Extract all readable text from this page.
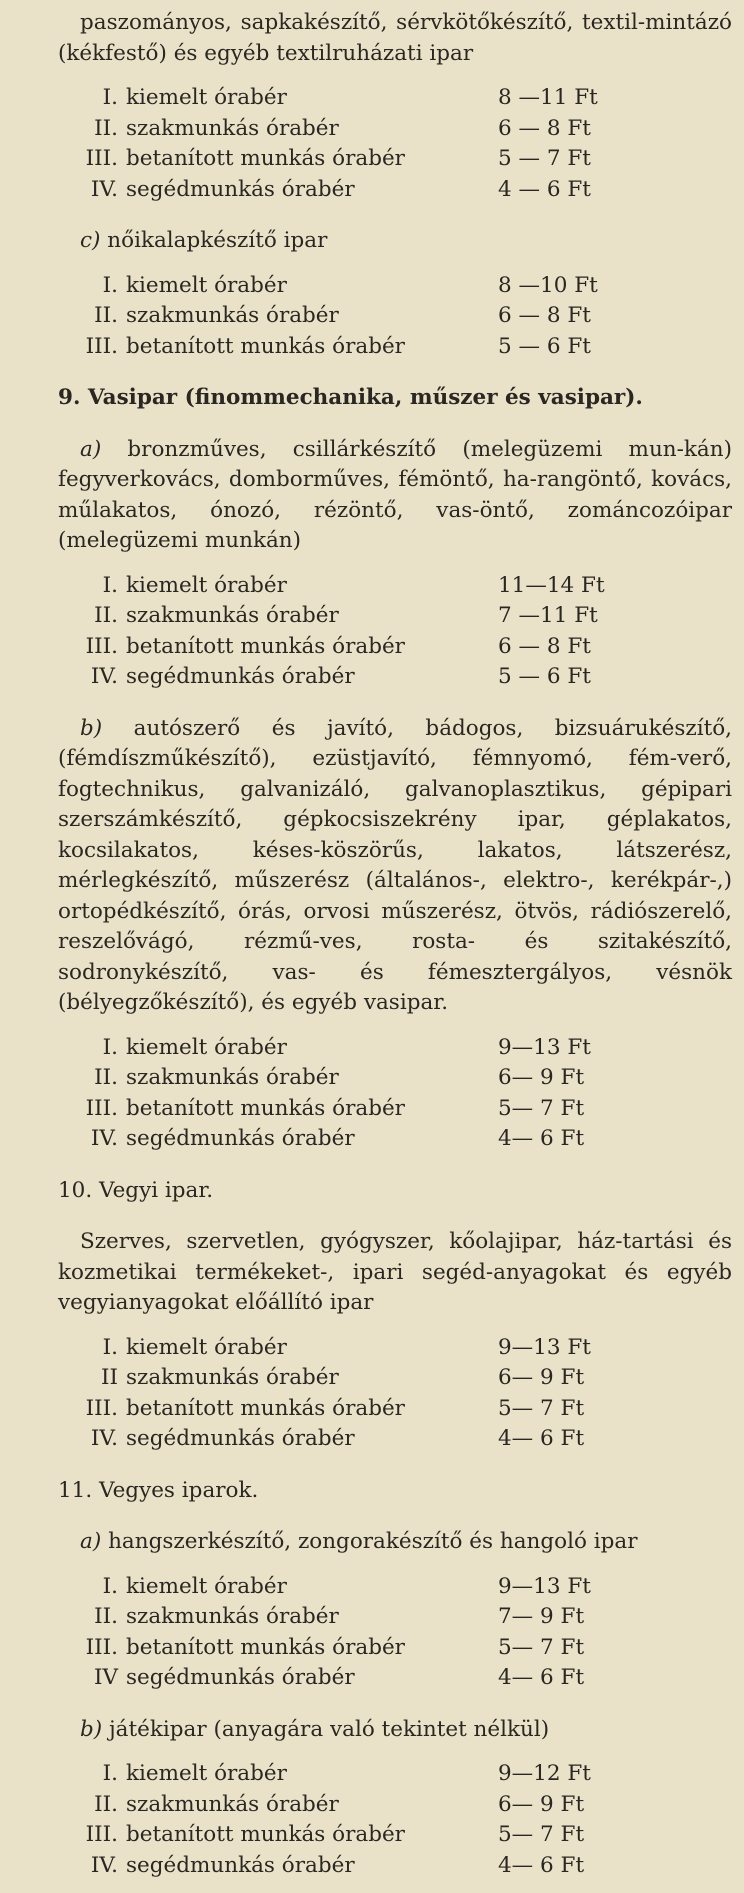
paszományos, sapkakészítő, sérvkötőkészítő, textil-mintázó (kékfestő) és egyéb textilruházati ipar

I. kiemelt órabér	8 —11 Ft
II. szakmunkás órabér	6 — 8 Ft
III. betanított munkás órabér	5 — 7 Ft
IV. segédmunkás órabér	4 — 6 Ft

c) nőikalapkészítő ipar

I. kiemelt órabér	8 —10 Ft
II. szakmunkás órabér	6 — 8 Ft
III. betanított munkás órabér	5 — 6 Ft
9. Vasipar (finommechanika, műszer és vasipar).

a) bronzműves, csillárkészítő (melegüzemi mun-kán) fegyverkovács, domborműves, fémöntő, ha-rangöntő, kovács, műlakatos, ónozó, rézöntő, vas-öntő, zománcozóipar (melegüzemi munkán)

I. kiemelt órabér	11—14 Ft
II. szakmunkás órabér	7 —11 Ft
III. betanított munkás órabér	6 — 8 Ft
IV. segédmunkás órabér	5 — 6 Ft

b) autószerő és javító, bádogos, bizsuárukészítő, (fémdíszműkészítő), ezüstjavító, fémnyomó, fém-verő, fogtechnikus, galvanizáló, galvanoplasztikus, gépipari szerszámkészítő, gépkocsiszekrény ipar, géplakatos, kocsilakatos, késes-köszörűs, lakatos, látszerész, mérlegkészítő, műszerész (általános-, elektro-, kerékpár-,) ortopédkészítő, órás, orvosi műszerész, ötvös, rádiószerelő, reszelővágó, rézmű-ves, rosta- és szitakészítő, sodronykészítő, vas- és fémesztergályos, vésnök (bélyegzőkészítő), és egyéb vasipar.

I. kiemelt órabér	9—13 Ft
II. szakmunkás órabér	6— 9 Ft
III. betanított munkás órabér	5— 7 Ft
IV. segédmunkás órabér	4— 6 Ft
10. Vegyi ipar.

Szerves, szervetlen, gyógyszer, kőolajipar, ház-tartási és kozmetikai termékeket-, ipari segéd-anyagokat és egyéb vegyianyagokat előállító ipar

I. kiemelt órabér	9—13 Ft
II szakmunkás órabér	6— 9 Ft
III. betanított munkás órabér	5— 7 Ft
IV. segédmunkás órabér	4— 6 Ft
11. Vegyes iparok.

a) hangszerkészítő, zongorakészítő és hangoló ipar

I. kiemelt órabér	9—13 Ft
II. szakmunkás órabér	7— 9 Ft
III. betanított munkás órabér	5— 7 Ft
IV segédmunkás órabér	4— 6 Ft

b) játékipar (anyagára való tekintet nélkül)

I. kiemelt órabér	9—12 Ft
II. szakmunkás órabér	6— 9 Ft
III. betanított munkás órabér	5— 7 Ft
IV. segédmunkás órabér	4— 6 Ft
